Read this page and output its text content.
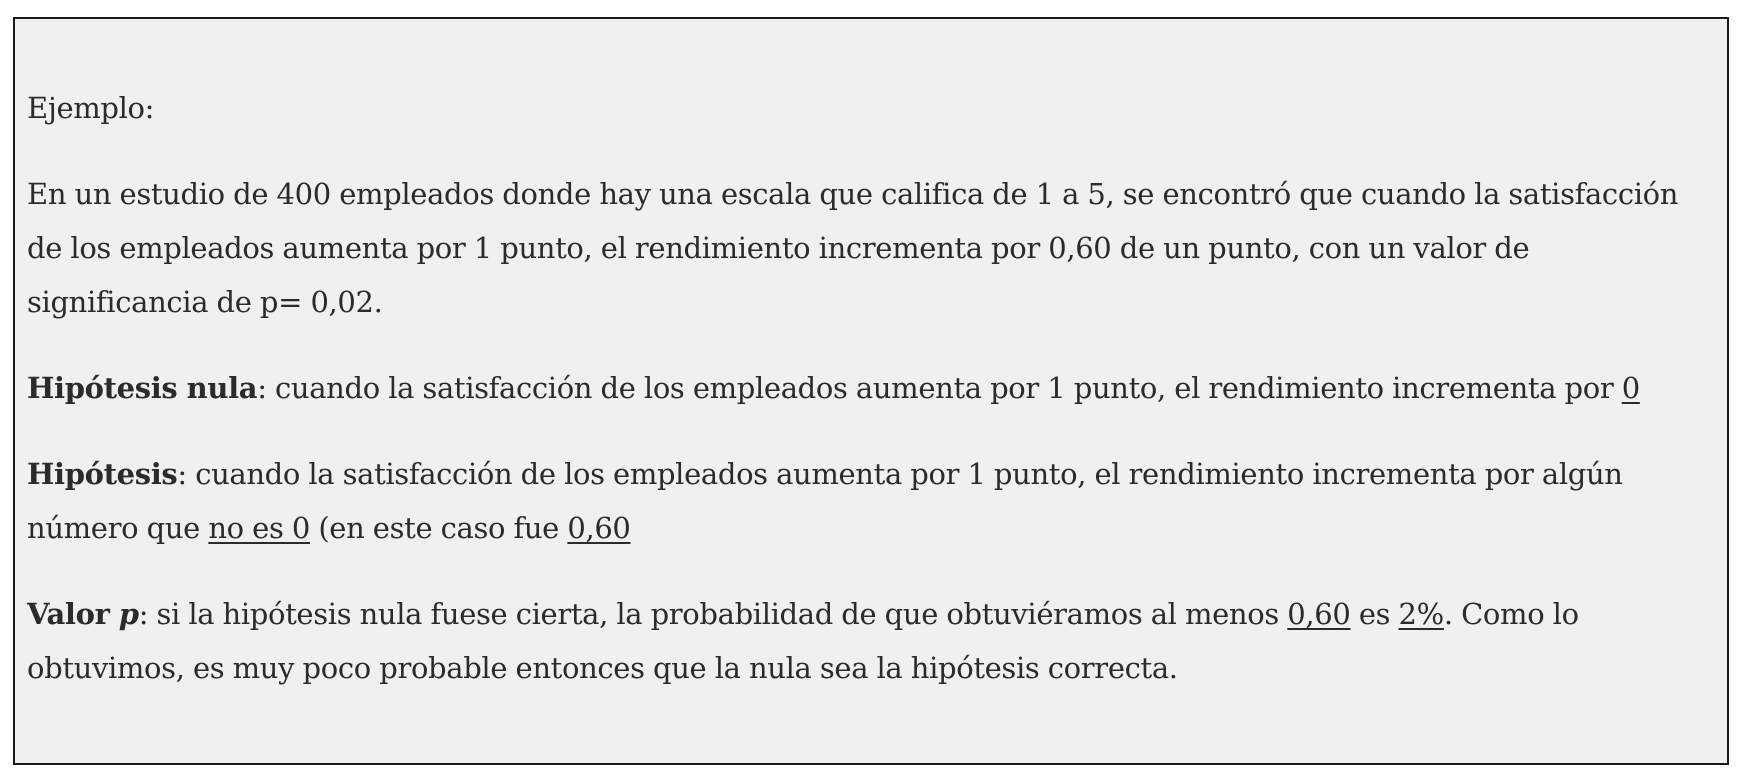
Ejemplo:

En un estudio de 400 empleados donde hay una escala que califica de 1 a 5, se encontró que cuando la satisfacción de los empleados aumenta por 1 punto, el rendimiento incrementa por 0,60 de un punto, con un valor de significancia de p= 0,02.

Hipótesis nula: cuando la satisfacción de los empleados aumenta por 1 punto, el rendimiento incrementa por 0

Hipótesis: cuando la satisfacción de los empleados aumenta por 1 punto, el rendimiento incrementa por algún número que no es 0 (en este caso fue 0,60

Valor p: si la hipótesis nula fuese cierta, la probabilidad de que obtuviéramos al menos 0,60 es 2%. Como lo obtuvimos, es muy poco probable entonces que la nula sea la hipótesis correcta.
